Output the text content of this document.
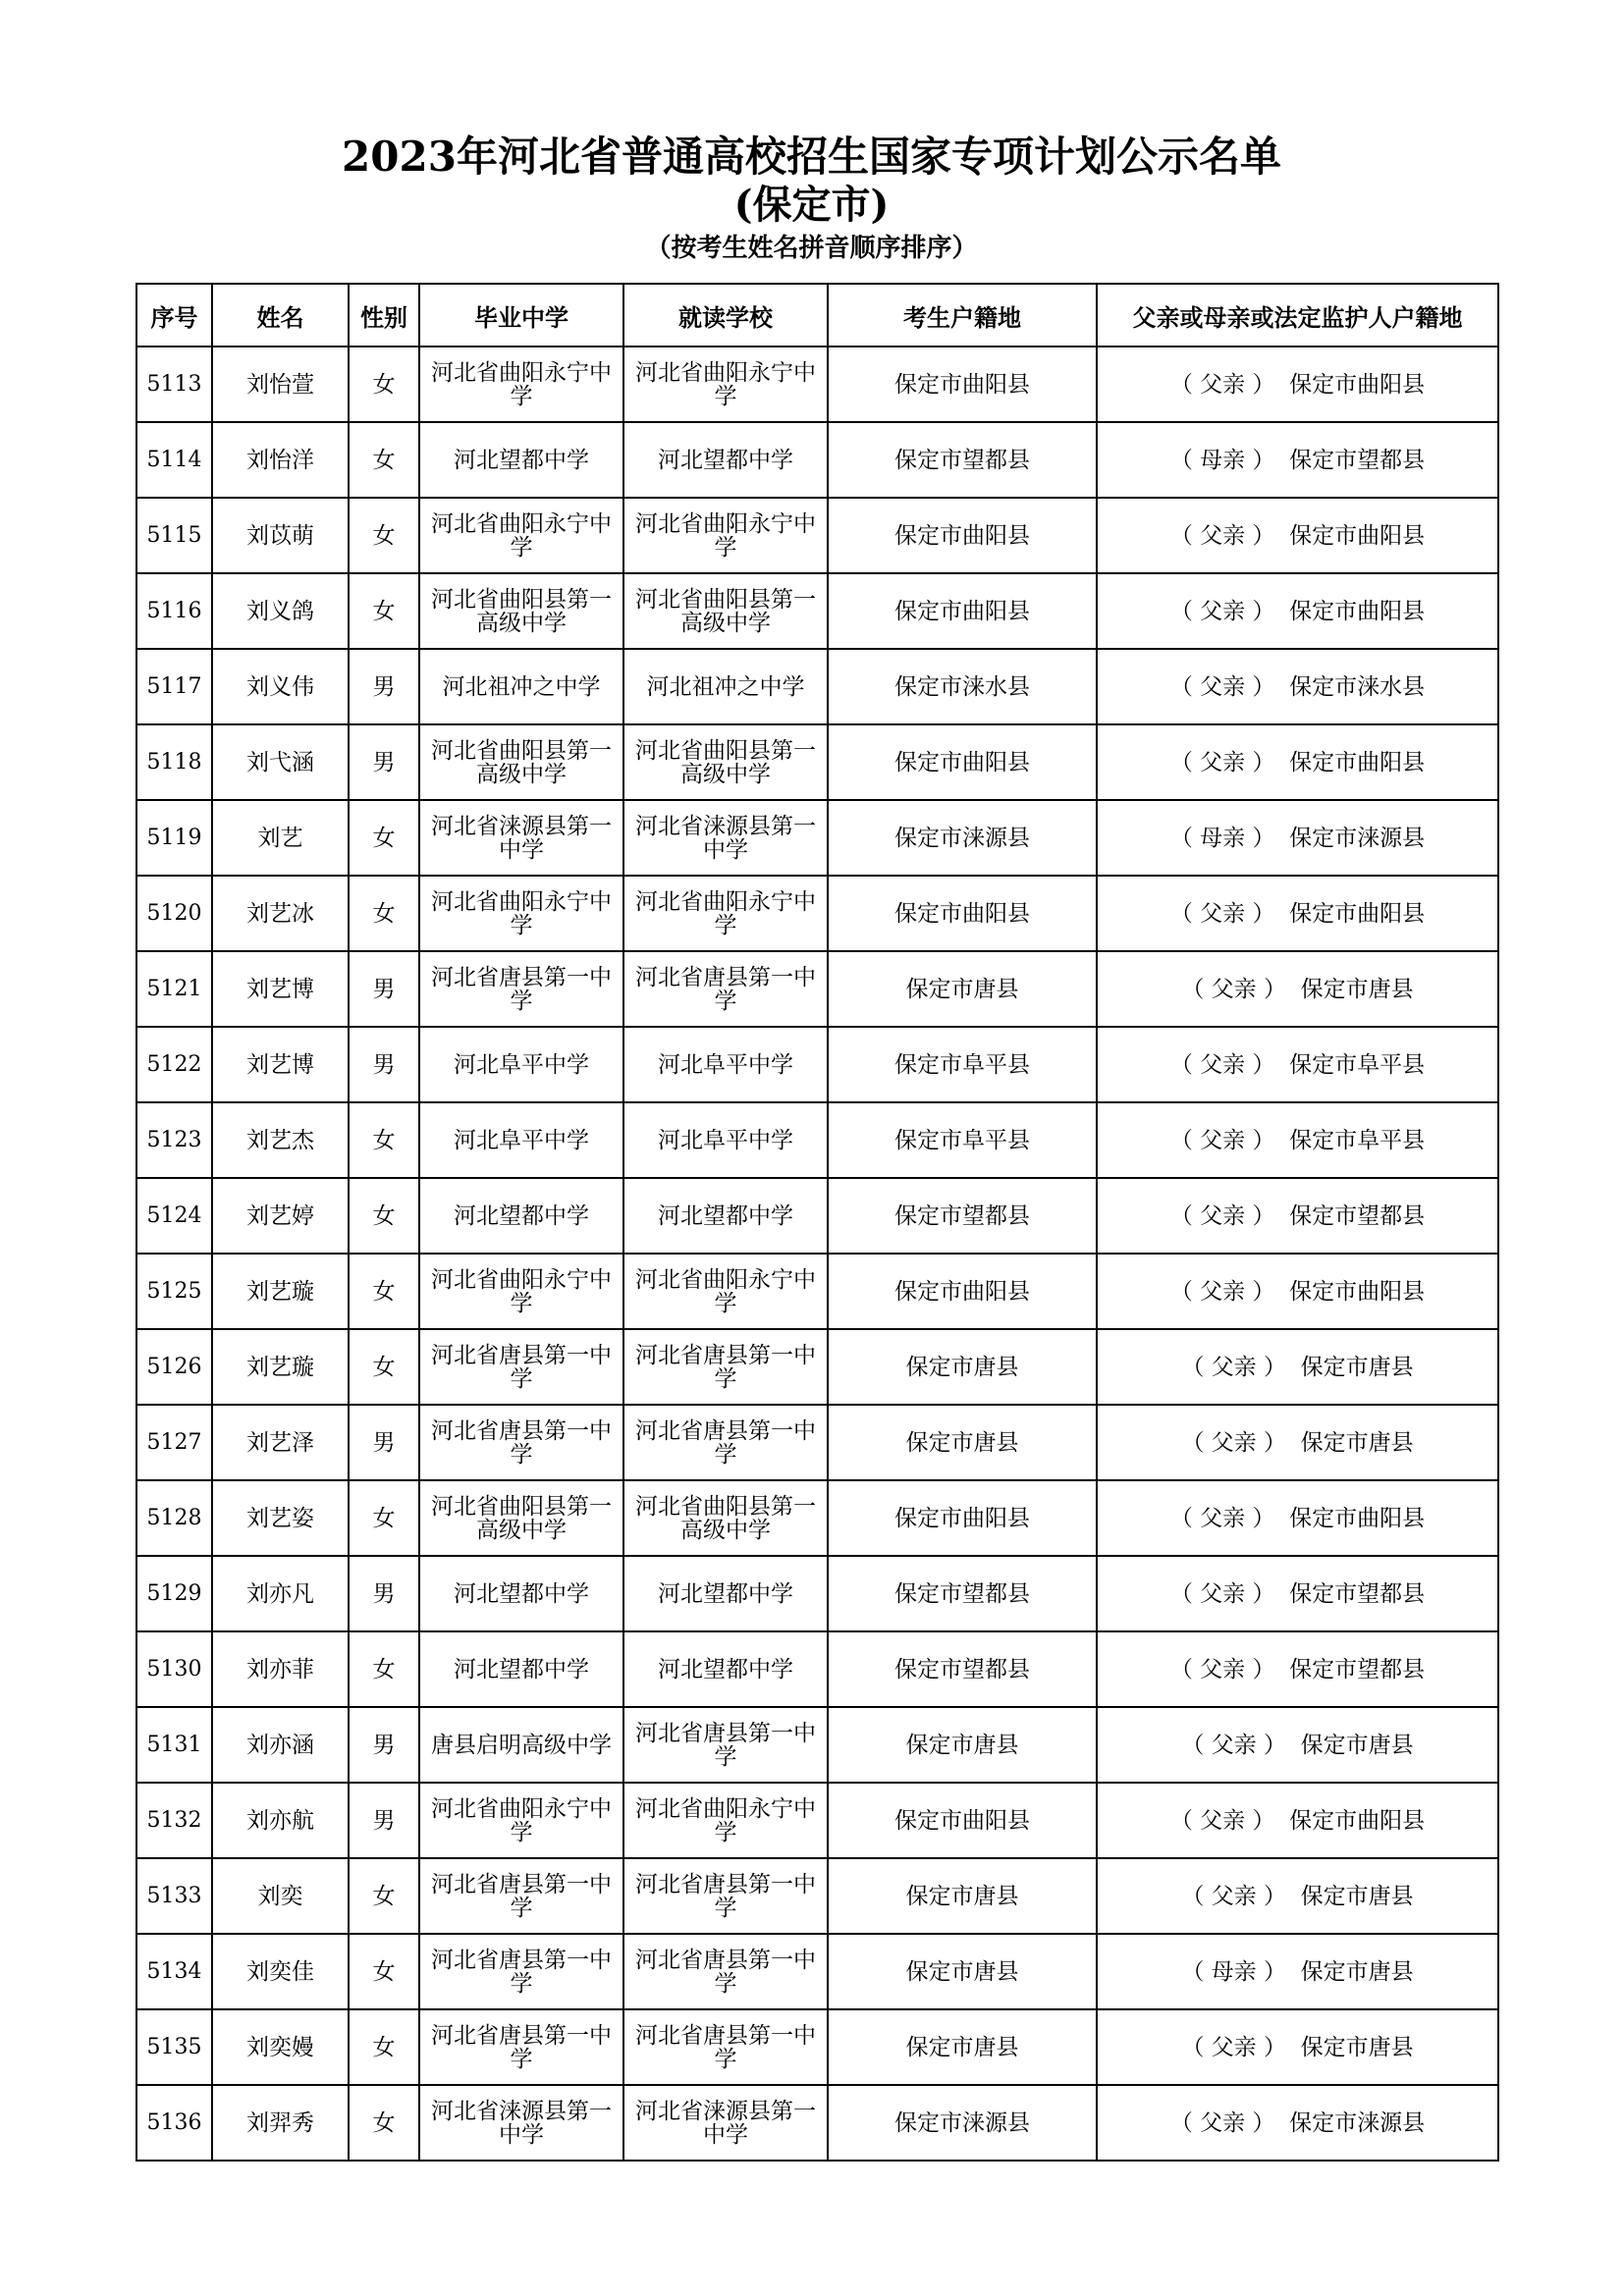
2023年河北省普通高校招生国家专项计划公示名单
(保定市)
（按考生姓名拼音顺序排序）
序号	姓名	性别	毕业中学	就读学校	考生户籍地	父亲或母亲或法定监护人户籍地
5113	刘怡萱	女	河北省曲阳永宁中学	河北省曲阳永宁中学	保定市曲阳县	（ 父亲 ）  保定市曲阳县
5114	刘怡洋	女	河北望都中学	河北望都中学	保定市望都县	（ 母亲 ）  保定市望都县
5115	刘苡萌	女	河北省曲阳永宁中学	河北省曲阳永宁中学	保定市曲阳县	（ 父亲 ）  保定市曲阳县
5116	刘义鸽	女	河北省曲阳县第一高级中学	河北省曲阳县第一高级中学	保定市曲阳县	（ 父亲 ）  保定市曲阳县
5117	刘义伟	男	河北祖冲之中学	河北祖冲之中学	保定市涞水县	（ 父亲 ）  保定市涞水县
5118	刘弋涵	男	河北省曲阳县第一高级中学	河北省曲阳县第一高级中学	保定市曲阳县	（ 父亲 ）  保定市曲阳县
5119	刘艺	女	河北省涞源县第一中学	河北省涞源县第一中学	保定市涞源县	（ 母亲 ）  保定市涞源县
5120	刘艺冰	女	河北省曲阳永宁中学	河北省曲阳永宁中学	保定市曲阳县	（ 父亲 ）  保定市曲阳县
5121	刘艺博	男	河北省唐县第一中学	河北省唐县第一中学	保定市唐县	（ 父亲 ）  保定市唐县
5122	刘艺博	男	河北阜平中学	河北阜平中学	保定市阜平县	（ 父亲 ）  保定市阜平县
5123	刘艺杰	女	河北阜平中学	河北阜平中学	保定市阜平县	（ 父亲 ）  保定市阜平县
5124	刘艺婷	女	河北望都中学	河北望都中学	保定市望都县	（ 父亲 ）  保定市望都县
5125	刘艺璇	女	河北省曲阳永宁中学	河北省曲阳永宁中学	保定市曲阳县	（ 父亲 ）  保定市曲阳县
5126	刘艺璇	女	河北省唐县第一中学	河北省唐县第一中学	保定市唐县	（ 父亲 ）  保定市唐县
5127	刘艺泽	男	河北省唐县第一中学	河北省唐县第一中学	保定市唐县	（ 父亲 ）  保定市唐县
5128	刘艺姿	女	河北省曲阳县第一高级中学	河北省曲阳县第一高级中学	保定市曲阳县	（ 父亲 ）  保定市曲阳县
5129	刘亦凡	男	河北望都中学	河北望都中学	保定市望都县	（ 父亲 ）  保定市望都县
5130	刘亦菲	女	河北望都中学	河北望都中学	保定市望都县	（ 父亲 ）  保定市望都县
5131	刘亦涵	男	唐县启明高级中学	河北省唐县第一中学	保定市唐县	（ 父亲 ）  保定市唐县
5132	刘亦航	男	河北省曲阳永宁中学	河北省曲阳永宁中学	保定市曲阳县	（ 父亲 ）  保定市曲阳县
5133	刘奕	女	河北省唐县第一中学	河北省唐县第一中学	保定市唐县	（ 父亲 ）  保定市唐县
5134	刘奕佳	女	河北省唐县第一中学	河北省唐县第一中学	保定市唐县	（ 母亲 ）  保定市唐县
5135	刘奕嫚	女	河北省唐县第一中学	河北省唐县第一中学	保定市唐县	（ 父亲 ）  保定市唐县
5136	刘羿秀	女	河北省涞源县第一中学	河北省涞源县第一中学	保定市涞源县	（ 父亲 ）  保定市涞源县
